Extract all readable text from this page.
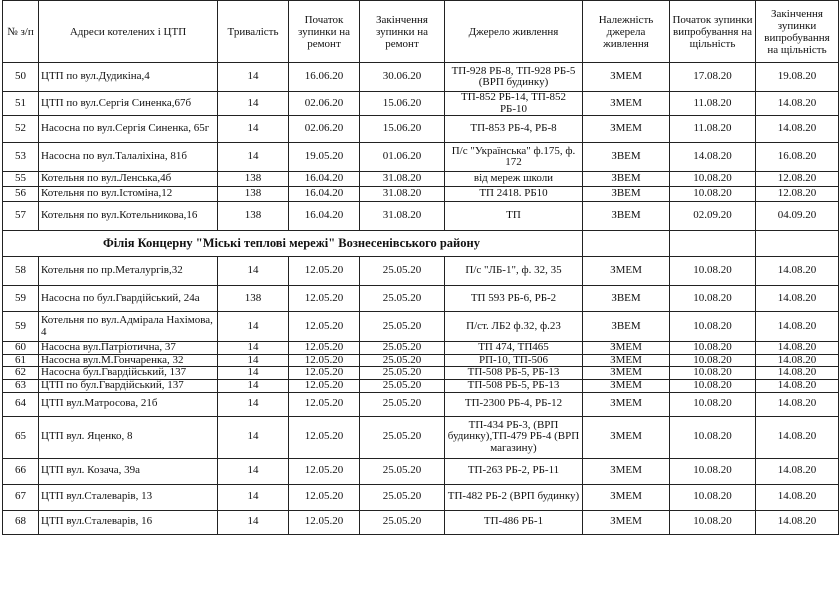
№ з/п	Адреси котелених і ЦТП	Тривалість	Початок зупинки на ремонт	Закінчення зупинки на ремонт	Джерело живлення	Належність джерела живлення	Початок зупинки випробування на щільність	Закінчення зупинки випробування на щільність
50	ЦТП по вул.Дудикіна,4	14	16.06.20	30.06.20	ТП-928 РБ-8, ТП-928 РБ-5 (ВРП будинку)	ЗМЕМ	17.08.20	19.08.20
51	ЦТП по вул.Сергія Синенка,67б	14	02.06.20	15.06.20	ТП-852 РБ-14, ТП-852 РБ-10	ЗМЕМ	11.08.20	14.08.20
52	Насосна по вул.Сергія Синенка, 65г	14	02.06.20	15.06.20	ТП-853 РБ-4, РБ-8	ЗМЕМ	11.08.20	14.08.20
53	Насосна по вул.Талаліхіна, 81б	14	19.05.20	01.06.20	П/с "Українська" ф.175, ф. 172	ЗВЕМ	14.08.20	16.08.20
55	Котельня по вул.Ленська,4б	138	16.04.20	31.08.20	від мереж школи	ЗВЕМ	10.08.20	12.08.20
56	Котельня по вул.Істоміна,12	138	16.04.20	31.08.20	ТП 2418. РБ10	ЗВЕМ	10.08.20	12.08.20
57	Котельня по вул.Котельникова,16	138	16.04.20	31.08.20	ТП	ЗВЕМ	02.09.20	04.09.20
Філія Концерну "Міські теплові мережі" Вознесенівського району								
58	Котельня по пр.Металургів,32	14	12.05.20	25.05.20	П/с "ЛБ-1", ф. 32, 35	ЗМЕМ	10.08.20	14.08.20
59	Насосна по бул.Гвардійський, 24а	138	12.05.20	25.05.20	ТП 593 РБ-6, РБ-2	ЗВЕМ	10.08.20	14.08.20
59	Котельня по вул.Адмірала Нахімова, 4	14	12.05.20	25.05.20	П/ст. ЛБ2 ф.32, ф.23	ЗВЕМ	10.08.20	14.08.20
60	Насосна вул.Патріотична, 37	14	12.05.20	25.05.20	ТП 474, ТП465	ЗМЕМ	10.08.20	14.08.20
61	Насосна вул.М.Гончаренка, 32	14	12.05.20	25.05.20	РП-10, ТП-506	ЗМЕМ	10.08.20	14.08.20
62	Насосна бул.Гвардійський, 137	14	12.05.20	25.05.20	ТП-508 РБ-5, РБ-13	ЗМЕМ	10.08.20	14.08.20
63	ЦТП по бул.Гвардійський, 137	14	12.05.20	25.05.20	ТП-508 РБ-5, РБ-13	ЗМЕМ	10.08.20	14.08.20
64	ЦТП вул.Матросова, 21б	14	12.05.20	25.05.20	ТП-2300 РБ-4, РБ-12	ЗМЕМ	10.08.20	14.08.20
65	ЦТП вул. Яценко, 8	14	12.05.20	25.05.20	ТП-434 РБ-3, (ВРП будинку),ТП-479 РБ-4 (ВРП магазину)	ЗМЕМ	10.08.20	14.08.20
66	ЦТП вул. Козача, 39а	14	12.05.20	25.05.20	ТП-263 РБ-2, РБ-11	ЗМЕМ	10.08.20	14.08.20
67	ЦТП вул.Сталеварів, 13	14	12.05.20	25.05.20	ТП-482 РБ-2 (ВРП будинку)	ЗМЕМ	10.08.20	14.08.20
68	ЦТП вул.Сталеварів, 16	14	12.05.20	25.05.20	ТП-486 РБ-1	ЗМЕМ	10.08.20	14.08.20
